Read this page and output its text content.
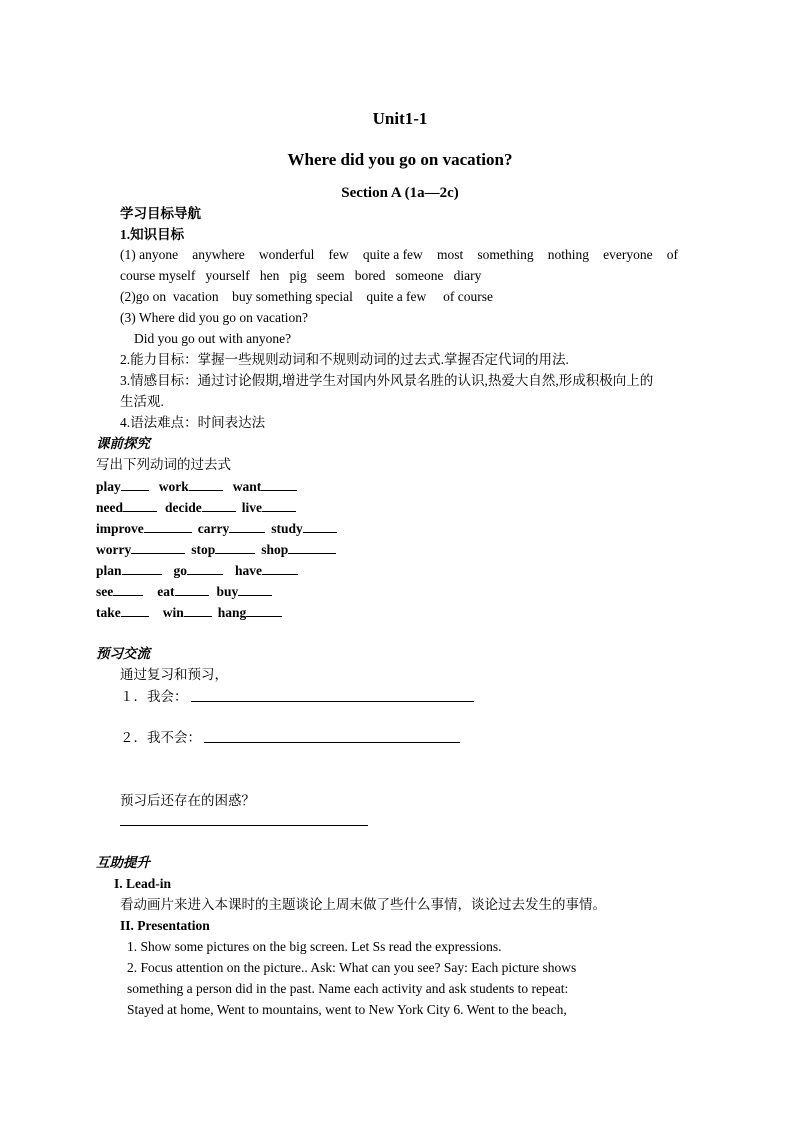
Unit1-1
Where did you go on vacation?
Section A (1a—2c)
学习目标导航
1.知识目标
(1) anyone anywhere wonderful few quite a few most something nothing everyone of
course myself   yourself   hen   pig   seem   bored   someone   diary
(2)go on  vacation    buy something special    quite a few     of course
(3) Where did you go on vacation?
Did you go out with anyone?
2.能力目标：掌握一些规则动词和不规则动词的过去式.掌握否定代词的用法.
3.情感目标：通过讨论假期,增进学生对国内外风景名胜的认识,热爱大自然,形成积极向上的
生活观.
4.语法难点：时间表达法
课前探究
写出下列动词的过去式
play	work	want
need	decide	live
improve	carry	study
worry	stop	shop
plan	go	have
see	eat	buy
take	win	hang
预习交流
通过复习和预习，
１．我会：
２．我不会：
预习后还存在的困惑？
互助提升
I. Lead-in
看动画片来进入本课时的主题谈论上周末做了些什么事情，谈论过去发生的事情。
II. Presentation
1. Show some pictures on the big screen. Let Ss read the expressions.
2. Focus attention on the picture.. Ask: What can you see? Say: Each picture shows
something a person did in the past. Name each activity and ask students to repeat:
Stayed at home, Went to mountains, went to New York City 6. Went to the beach,
